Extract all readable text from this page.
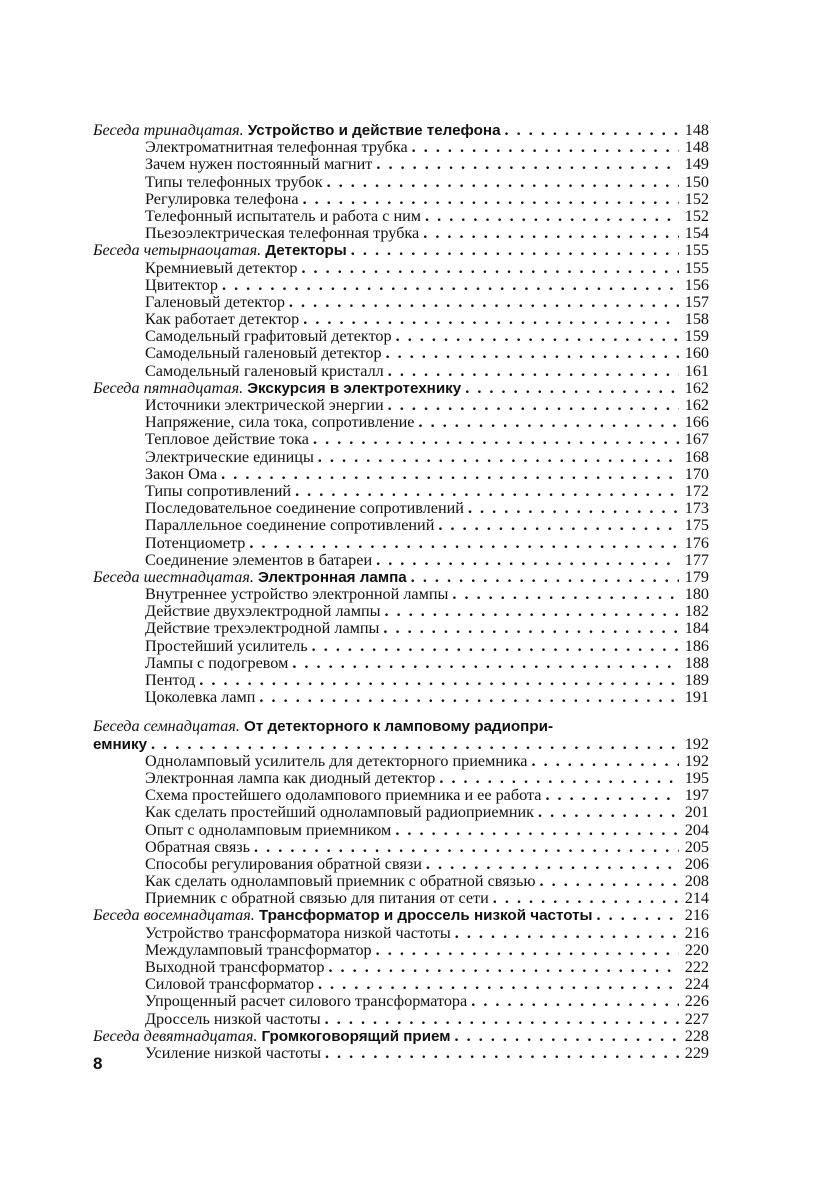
Беседа тринадцатая. Устройство и действие телефона . . .	148
Электроматнитная телефонная трубка . . .	148
Зачем нужен постоянный магнит . . .	149
Типы телефонных трубок . . .	150
Регулировка телефона . . .	152
Телефонный испытатель и работа с ним . . .	152
Пьезоэлектрическая телефонная трубка . . .	154
Беседа четырнаоцатая. Детекторы . . .	155
Кремниевый детектор . . .	155
Цвитектор . . .	156
Галеновый детектор . . .	157
Как работает детектор . . .	158
Самодельный графитовый детектор . . .	159
Самодельный галеновый детектор . . .	160
Самодельный галеновый кристалл . . .	161
Беседа пятнадцатая. Экскурсия в электротехнику . . .	162
Источники электрической энергии . . .	162
Напряжение, сила тока, сопротивление . . .	166
Тепловое действие тока . . .	167
Электрические единицы . . .	168
Закон Ома . . .	170
Типы сопротивлений . . .	172
Последовательное соединение сопротивлений . . .	173
Параллельное соединение сопротивлений . . .	175
Потенциометр . . .	176
Соединение элементов в батареи . . .	177
Беседа шестнадцатая. Электронная лампа . . .	179
Внутреннее устройство электронной лампы . . .	180
Действие двухэлектродной лампы . . .	182
Действие трехэлектродной лампы . . .	184
Простейший усилитель . . .	186
Лампы с подогревом . . .	188
Пентод . . .	189
Цоколевка ламп . . .	191
Беседа семнадцатая. От детекторного к ламповому радиопри-
емнику . . .	192
Одноламповый усилитель для детекторного приемника . . .	192
Электронная лампа как диодный детектор . . .	195
Схема простейшего одолампового приемника и ее работа . . .	197
Как сделать простейший одноламповый радиоприемник . . .	201
Опыт с одноламповым приемником . . .	204
Обратная связь . . .	205
Способы регулирования обратной связи . . .	206
Как сделать одноламповый приемник с обратной связью . . .	208
Приемник с обратной связью для питания от сети . . .	214
Беседа восемнадцатая. Трансформатор и дроссель низкой частоты . . .	216
Устройство трансформатора низкой частоты . . .	216
Междуламповый трансформатор . . .	220
Выходной трансформатор . . .	222
Силовой трансформатор . . .	224
Упрощенный расчет силового трансформатора . . .	226
Дроссель низкой частоты . . .	227
Беседа девятнадцатая. Громкоговорящий прием . . .	228
Усиление низкой частоты . . .	229
8
